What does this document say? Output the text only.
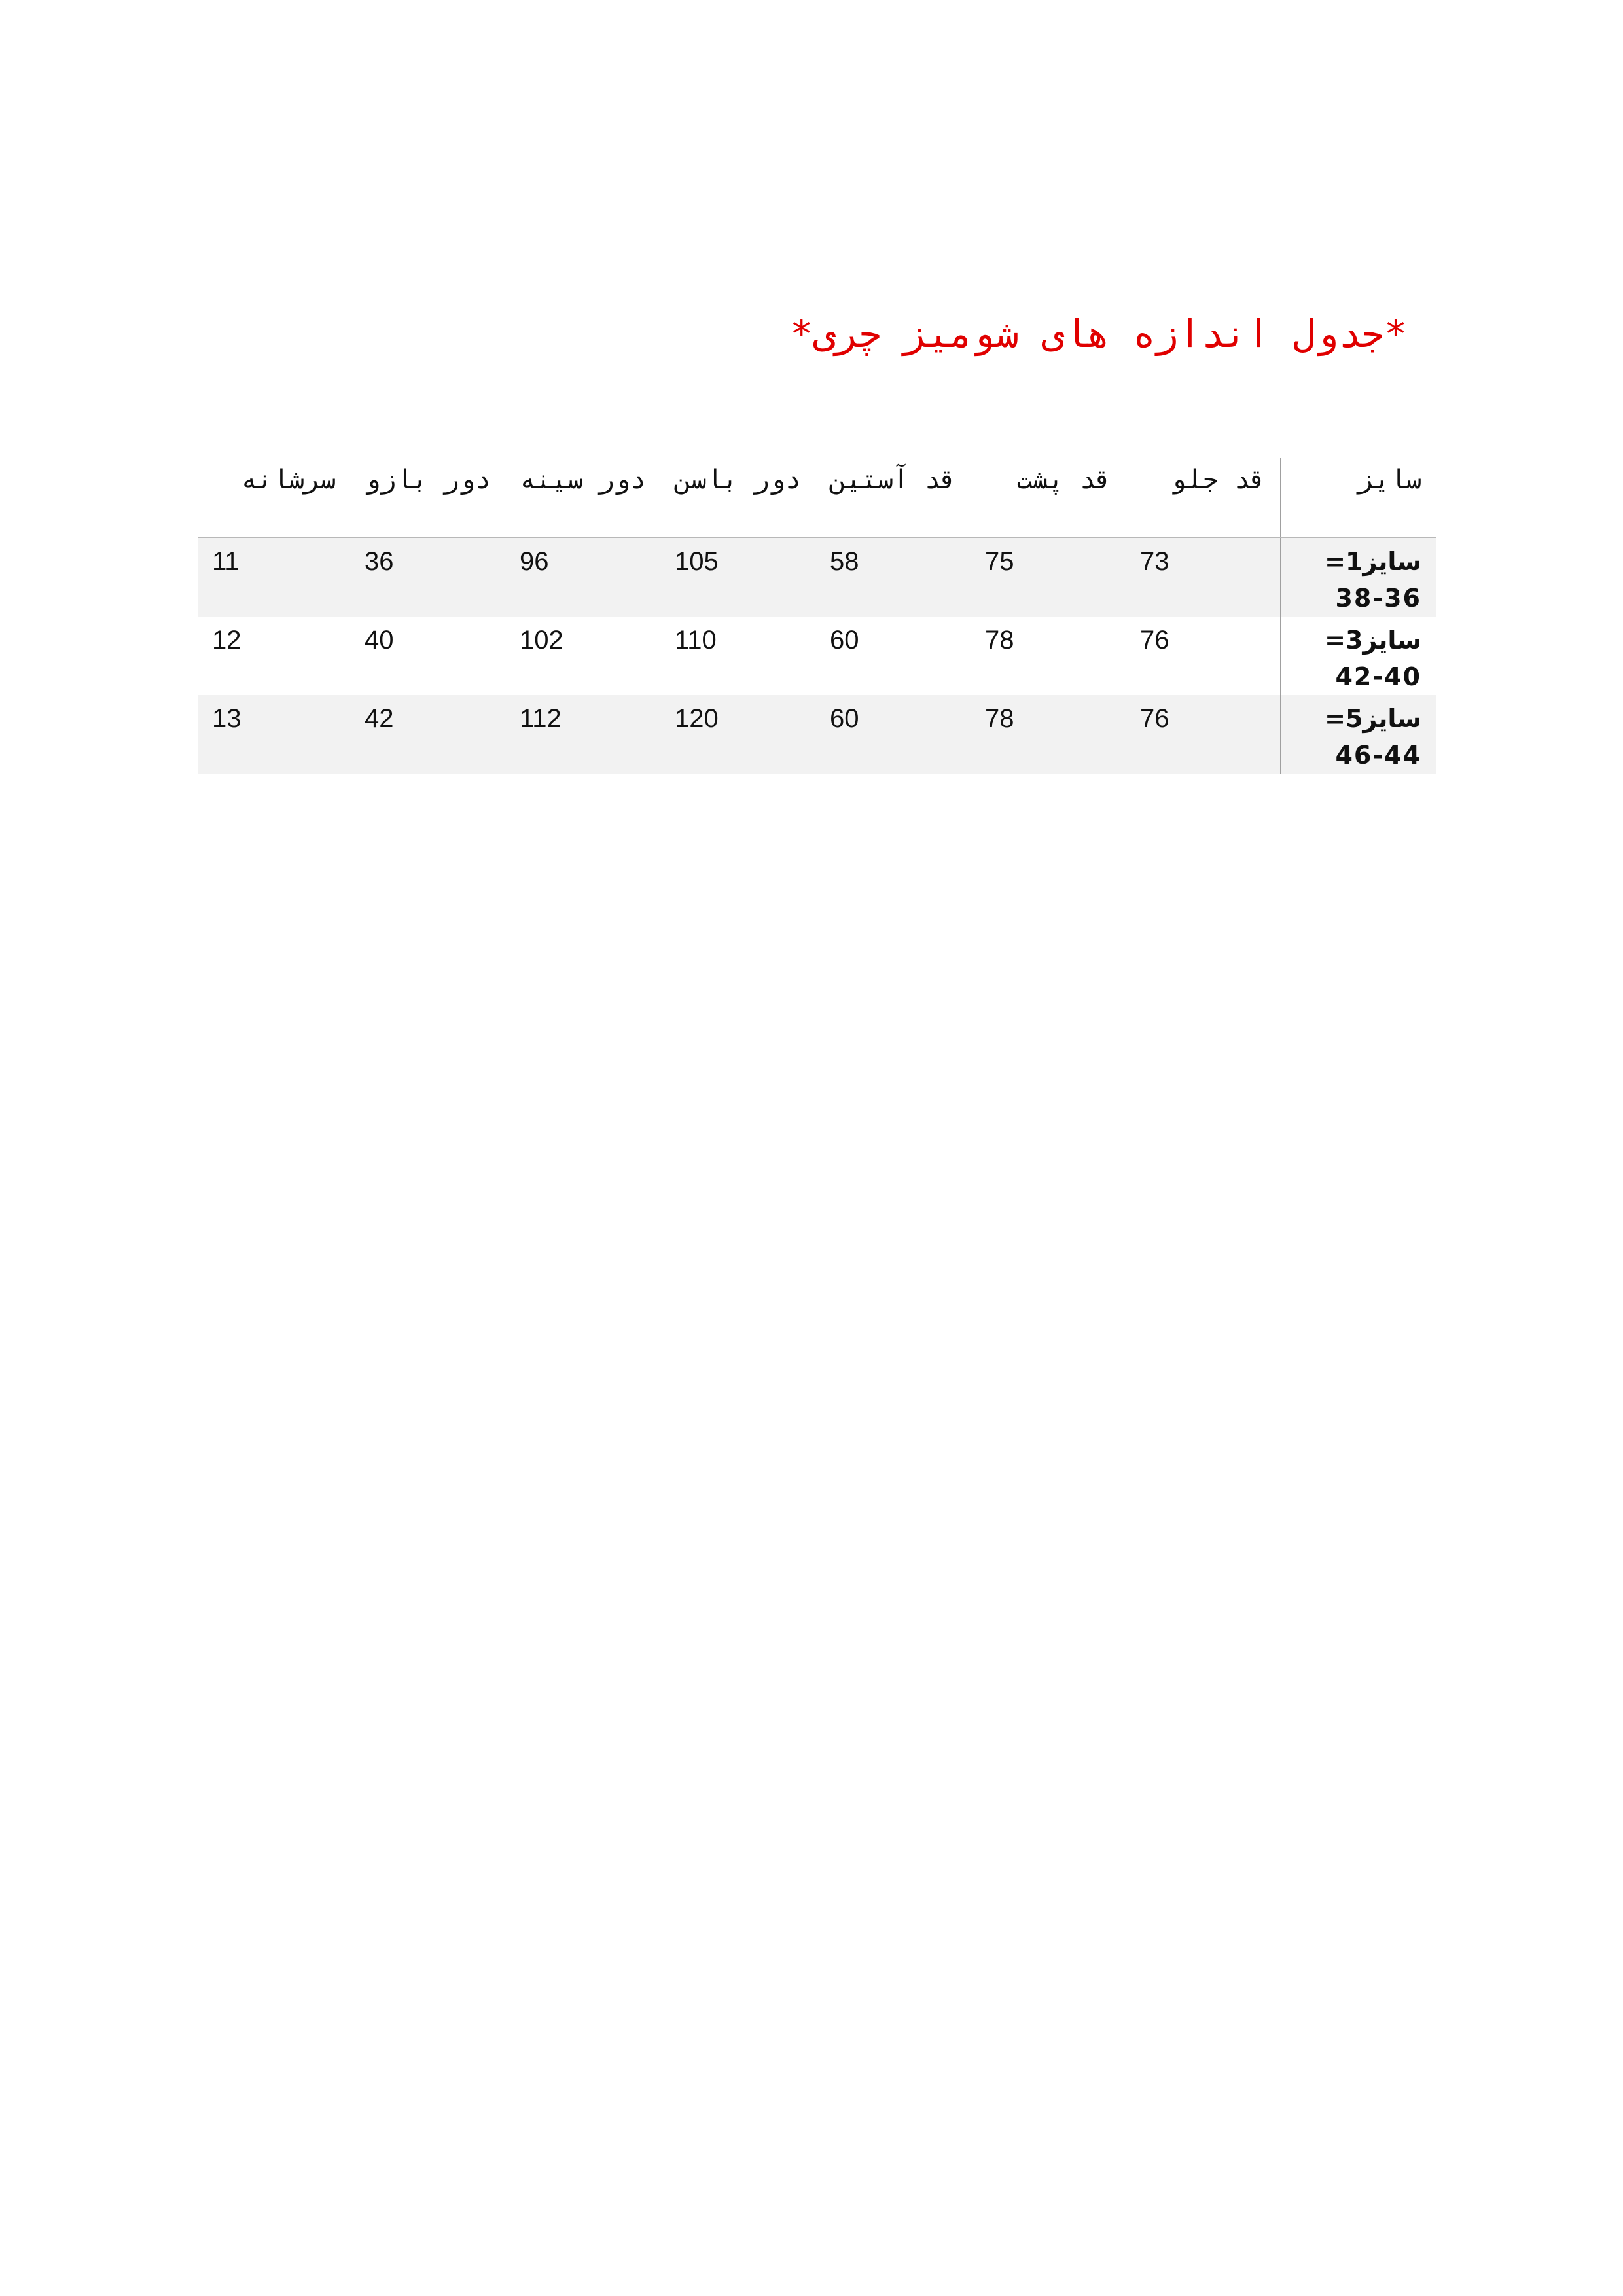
*جدول اندازه های شومیز چری*
سایز	قد جلو	قد پشت	قد آستین	دور باسن	دور سینه	دور بازو	سرشانه

سایز1=
38-36	73	75	58	105	96	36	11

سایز3=
42-40	76	78	60	110	102	40	12

سایز5=
46-44	76	78	60	120	112	42	13
